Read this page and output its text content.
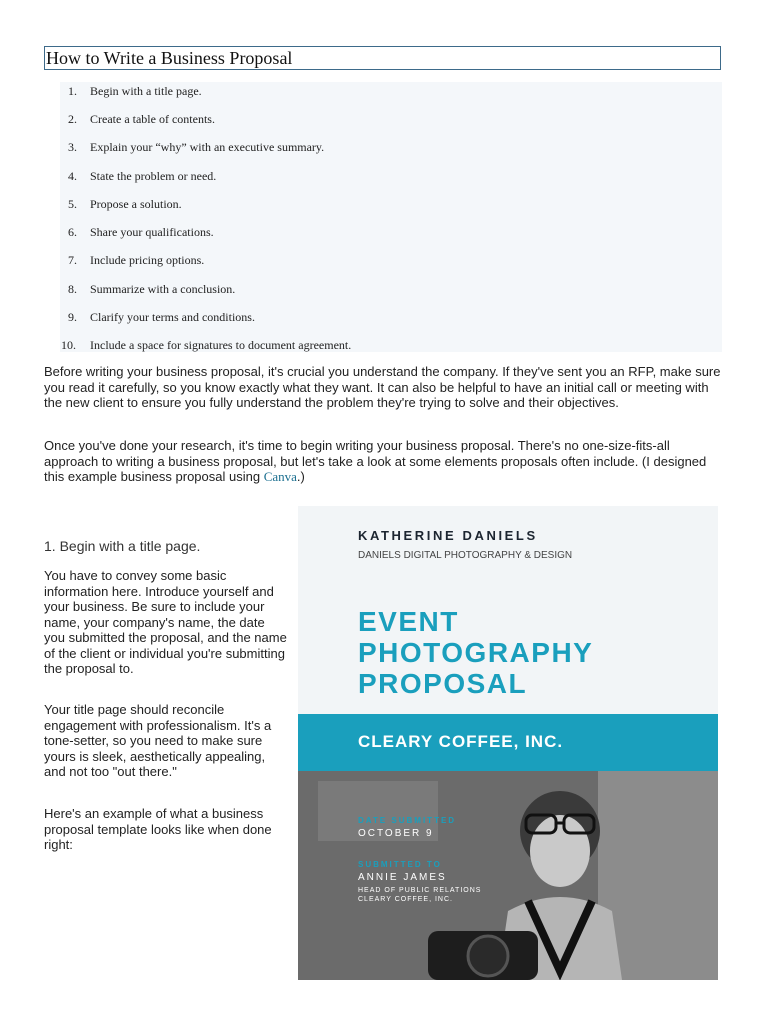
How to Write a Business Proposal
1.	Begin with a title page.
2.	Create a table of contents.
3.	Explain your “why” with an executive summary.
4.	State the problem or need.
5.	Propose a solution.
6.	Share your qualifications.
7.	Include pricing options.
8.	Summarize with a conclusion.
9.	Clarify your terms and conditions.
10.	Include a space for signatures to document agreement.

Before writing your business proposal, it's crucial you understand the company. If they've sent you an RFP, make sure you read it carefully, so you know exactly what they want. It can also be helpful to have an initial call or meeting with the new client to ensure you fully understand the problem they're trying to solve and their objectives.

Once you've done your research, it's time to begin writing your business proposal. There's no one-size-fits-all approach to writing a business proposal, but let's take a look at some elements proposals often include. (I designed this example business proposal using Canva.)

1. Begin with a title page.

You have to convey some basic information here. Introduce yourself and your business. Be sure to include your name, your company's name, the date you submitted the proposal, and the name of the client or individual you're submitting the proposal to.

Your title page should reconcile engagement with professionalism. It's a tone-setter, so you need to make sure yours is sleek, aesthetically appealing, and not too "out there."

Here's an example of what a business proposal template looks like when done right:

KATHERINE DANIELS
DANIELS DIGITAL PHOTOGRAPHY & DESIGN
EVENT
PHOTOGRAPHY
PROPOSAL
CLEARY COFFEE, INC.
DATE SUBMITTED
OCTOBER 9
SUBMITTED TO
ANNIE JAMES
HEAD OF PUBLIC RELATIONS
CLEARY COFFEE, INC.
